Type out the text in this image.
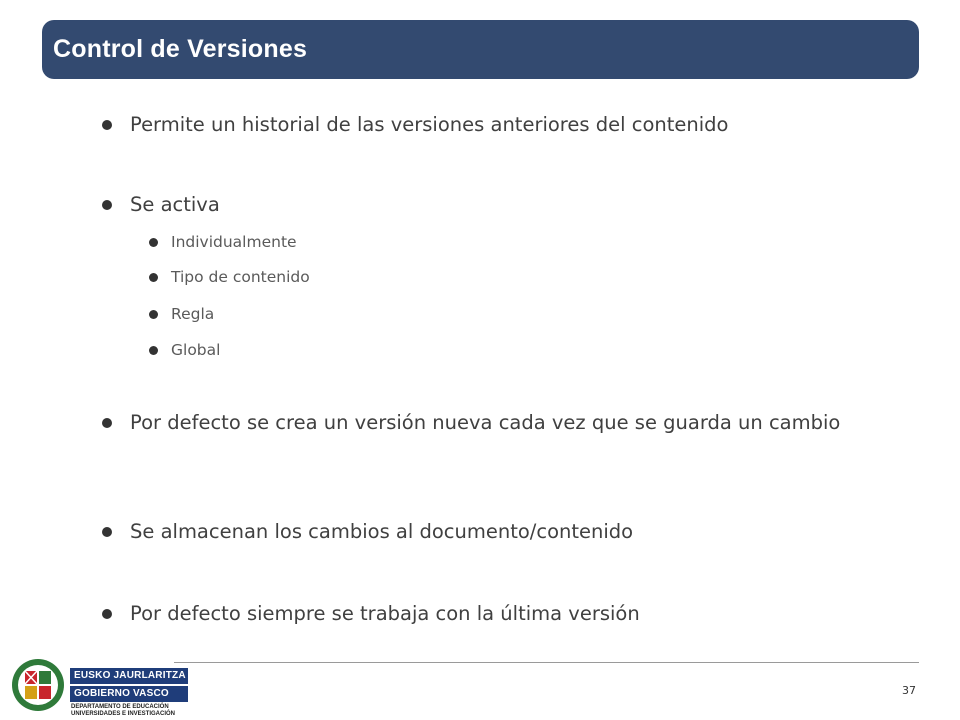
Control de Versiones
Permite un historial de las versiones anteriores del contenido
Se activa
Individualmente
Tipo de contenido
Regla
Global
Por defecto se crea un versión nueva cada vez que se guarda un cambio
Se almacenan los cambios al documento/contenido
Por defecto siempre se trabaja con la última versión
37
EUSKO JAURLARITZA
GOBIERNO VASCO
DEPARTAMENTO DE EDUCACIÓN
UNIVERSIDADES E INVESTIGACIÓN
